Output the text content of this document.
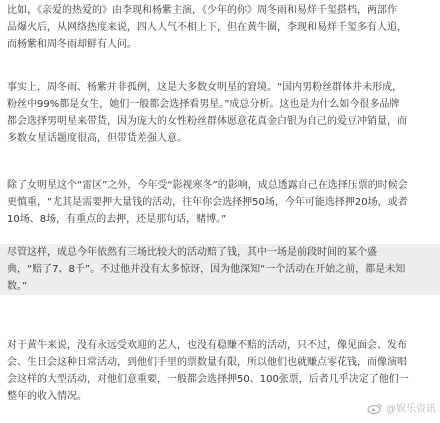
比如，《亲爱的热爱的》由李现和杨紫主演，《少年的你》周冬雨和易烊千玺搭档，两部作
品爆火后，从网络热度来说，四人人气不相上下，但在黄牛圈，李现和易烊千玺多有人追，
而杨紫和周冬雨却鲜有人问。
事实上，周冬雨、杨紫并非孤例，这是大多数女明星的窘境。“国内男粉丝群体并未形成，
粉丝中99%都是女生，她们一般都会选择看男星。”成总分析。这也是为什么如今很多品牌
都会选择男明星来带货，因为庞大的女性粉丝群体愿意花真金白银为自己的爱豆冲销量，而
多数女星话题度很高，但带货差强人意。
除了女明星这个“雷区”之外，今年受“影视寒冬”的影响，成总透露自己在选择压票的时候会
更慎重，“尤其是需要押大量钱的活动，往年你会选择押50场，今年可能选择押20场，或者
10场、8场，有重点的去押，还是那句话，赌博。”
尽管这样，成总今年依然有三场比较大的活动赔了钱，其中一场是前段时间的某个盛
典，“赔了7、8千”。不过他并没有太多惊讶，因为他深知“一个活动在开始之前，都是未知
数。”
对于黄牛来说，没有永远受欢迎的艺人，也没有稳赚不赔的活动，只不过，像见面会、发布
会、生日会这种日常活动，到他们手里的票数量有限，所以他们也就赚点零花钱，而像演唱
会这样的大型活动，对他们意重要，一般都会选择押50、100张票，后者几乎决定了他们一
整年的收入情况。
@娱乐资讯
